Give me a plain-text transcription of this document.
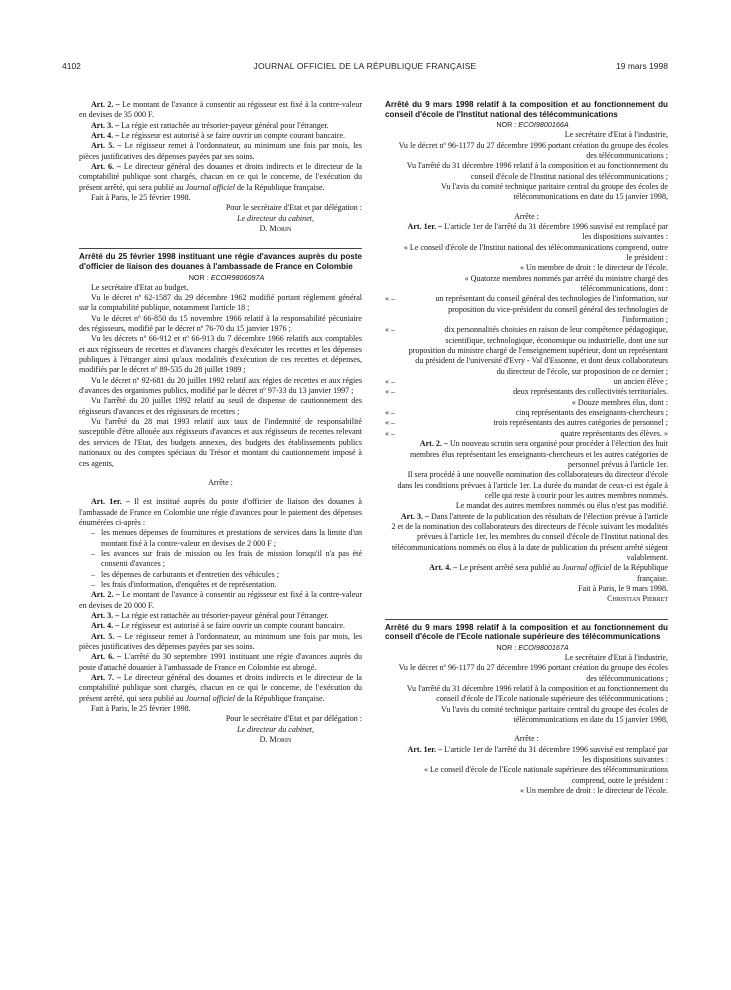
4102	JOURNAL OFFICIEL DE LA RÉPUBLIQUE FRANÇAISE	19 mars 1998

Art. 2. – Le montant de l'avance à consentir au régisseur est fixé à la contre-valeur en devises de 35 000 F.

Art. 3. – La régie est rattachée au trésorier-payeur général pour l'étranger.

Art. 4. – Le régisseur est autorisé à se faire ouvrir un compte courant bancaire.

Art. 5. – Le régisseur remet à l'ordonnateur, au minimum une fois par mois, les pièces justificatives des dépenses payées par ses soins.

Art. 6. – Le directeur général des douanes et droits indirects et le directeur de la comptabilité publique sont chargés, chacun en ce qui le concerne, de l'exécution du présent arrêté, qui sera publié au Journal officiel de la République française.

Fait à Paris, le 25 février 1998.

Pour le secrétaire d'Etat et par délégation :

Le directeur du cabinet,

D. Morin

Arrêté du 25 février 1998 instituant une régie d'avances auprès du poste d'officier de liaison des douanes à l'ambassade de France en Colombie

NOR : ECOR9806097A

Le secrétaire d'Etat au budget,

Vu le décret nº 62-1587 du 29 décembre 1962 modifié portant règlement général sur la comptabilité publique, notamment l'article 18 ;

Vu le décret nº 66-850 du 15 novembre 1966 relatif à la responsabilité pécuniaire des régisseurs, modifié par le décret nº 76-70 du 15 janvier 1976 ;

Vu les décrets nº 66-912 et nº 66-913 du 7 décembre 1966 relatifs aux comptables et aux régisseurs de recettes et d'avances chargés d'exécuter les recettes et les dépenses publiques à l'étranger ainsi qu'aux modalités d'exécution de ces recettes et dépenses, modifiés par le décret nº 89-535 du 28 juillet 1989 ;

Vu le décret nº 92-681 du 20 juillet 1992 relatif aux régies de recettes et aux régies d'avances des organismes publics, modifié par le décret nº 97-33 du 13 janvier 1997 ;

Vu l'arrêté du 20 juillet 1992 relatif au seuil de dispense de cautionnement des régisseurs d'avances et des régisseurs de recettes ;

Vu l'arrêté du 28 mai 1993 relatif aux taux de l'indemnité de responsabilité susceptible d'être allouée aux régisseurs d'avances et aux régisseurs de recettes relevant des services de l'Etat, des budgets annexes, des budgets des établissements publics nationaux ou des comptes spéciaux du Trésor et montant du cautionnement imposé à ces agents,

Arrête :

Art. 1er. – Il est institué auprès du poste d'officier de liaison des douanes à l'ambassade de France en Colombie une régie d'avances pour le paiement des dépenses énumérées ci-après :

– les menues dépenses de fournitures et prestations de services dans la limite d'un montant fixé à la contre-valeur en devises de 2 000 F ;

– les avances sur frais de mission ou les frais de mission lorsqu'il n'a pas été consenti d'avances ;

– les dépenses de carburants et d'entretien des véhicules ;

– les frais d'information, d'enquêtes et de représentation.

Art. 2. – Le montant de l'avance à consentir au régisseur est fixé à la contre-valeur en devises de 20 000 F.

Art. 3. – La régie est rattachée au trésorier-payeur général pour l'étranger.

Art. 4. – Le régisseur est autorisé à se faire ouvrir un compte courant bancaire.

Art. 5. – Le régisseur remet à l'ordonnateur, au minimum une fois par mois, les pièces justificatives des dépenses payées par ses soins.

Art. 6. – L'arrêté du 30 septembre 1991 instituant une régie d'avances auprès du poste d'attaché douanier à l'ambassade de France en Colombie est abrogé.

Art. 7. – Le directeur général des douanes et droits indirects et le directeur de la comptabilité publique sont chargés, chacun en ce qui le concerne, de l'exécution du présent arrêté, qui sera publié au Journal officiel de la République française.

Fait à Paris, le 25 février 1998.

Pour le secrétaire d'Etat et par délégation :

Le directeur du cabinet,

D. Morin

Arrêté du 9 mars 1998 relatif à la composition et au fonctionnement du conseil d'école de l'Institut national des télécommunications

NOR : ECOI9800166A

Le secrétaire d'Etat à l'industrie,

Vu le décret nº 96-1177 du 27 décembre 1996 portant création du groupe des écoles des télécommunications ;

Vu l'arrêté du 31 décembre 1996 relatif à la composition et au fonctionnement du conseil d'école de l'Institut national des télécommunications ;

Vu l'avis du comité technique paritaire central du groupe des écoles de télécommunications en date du 15 janvier 1998,

Arrête :

Art. 1er. – L'article 1er de l'arrêté du 31 décembre 1996 susvisé est remplacé par les dispositions suivantes :

« Le conseil d'école de l'Institut national des télécommunications comprend, outre le président :

« Un membre de droit : le directeur de l'école.

« Quatorze membres nommés par arrêté du ministre chargé des télécommunications, dont :

« –	un représentant du conseil général des technologies de l'information, sur proposition du vice-président du conseil général des technologies de l'information ;

« –	dix personnalités choisies en raison de leur compétence pédagogique, scientifique, technologique, économique ou industrielle, dont une sur proposition du ministre chargé de l'enseignement supérieur, dont un représentant du président de l'université d'Evry - Val d'Essonne, et dont deux collaborateurs du directeur de l'école, sur proposition de ce dernier ;

« –	un ancien élève ;

« –	deux représentants des collectivités territoriales.

« Douze membres élus, dont :

« –	cinq représentants des enseignants-chercheurs ;

« –	trois représentants des autres catégories de personnel ;

« –	quatre représentants des élèves. »

Art. 2. – Un nouveau scrutin sera organisé pour procéder à l'élection des huit membres élus représentant les enseignants-chercheurs et les autres catégories de personnel prévus à l'article 1er.

Il sera procédé à une nouvelle nomination des collaborateurs du directeur d'école dans les conditions prévues à l'article 1er. La durée du mandat de ceux-ci est égale à celle qui reste à courir pour les autres membres nommés.

Le mandat des autres membres nommés ou élus n'est pas modifié.

Art. 3. – Dans l'attente de la publication des résultats de l'élection prévue à l'article 2 et de la nomination des collaborateurs des directeurs de l'école suivant les modalités prévues à l'article 1er, les membres du conseil d'école de l'Institut national des télécommunications nommés ou élus à la date de publication du présent arrêté siègent valablement.

Art. 4. – Le présent arrêté sera publié au Journal officiel de la République française.

Fait à Paris, le 9 mars 1998.

Christian Pierret

Arrêté du 9 mars 1998 relatif à la composition et au fonctionnement du conseil d'école de l'Ecole nationale supérieure des télécommunications

NOR : ECOI9800167A

Le secrétaire d'Etat à l'industrie,

Vu le décret nº 96-1177 du 27 décembre 1996 portant création du groupe des écoles des télécommunications ;

Vu l'arrêté du 31 décembre 1996 relatif à la composition et au fonctionnement du conseil d'école de l'Ecole nationale supérieure des télécommunications ;

Vu l'avis du comité technique paritaire central du groupe des écoles de télécommunications en date du 15 janvier 1998,

Arrête :

Art. 1er. – L'article 1er de l'arrêté du 31 décembre 1996 susvisé est remplacé par les dispositions suivantes :

« Le conseil d'école de l'Ecole nationale supérieure des télécommunications comprend, outre le président :

« Un membre de droit : le directeur de l'école.
